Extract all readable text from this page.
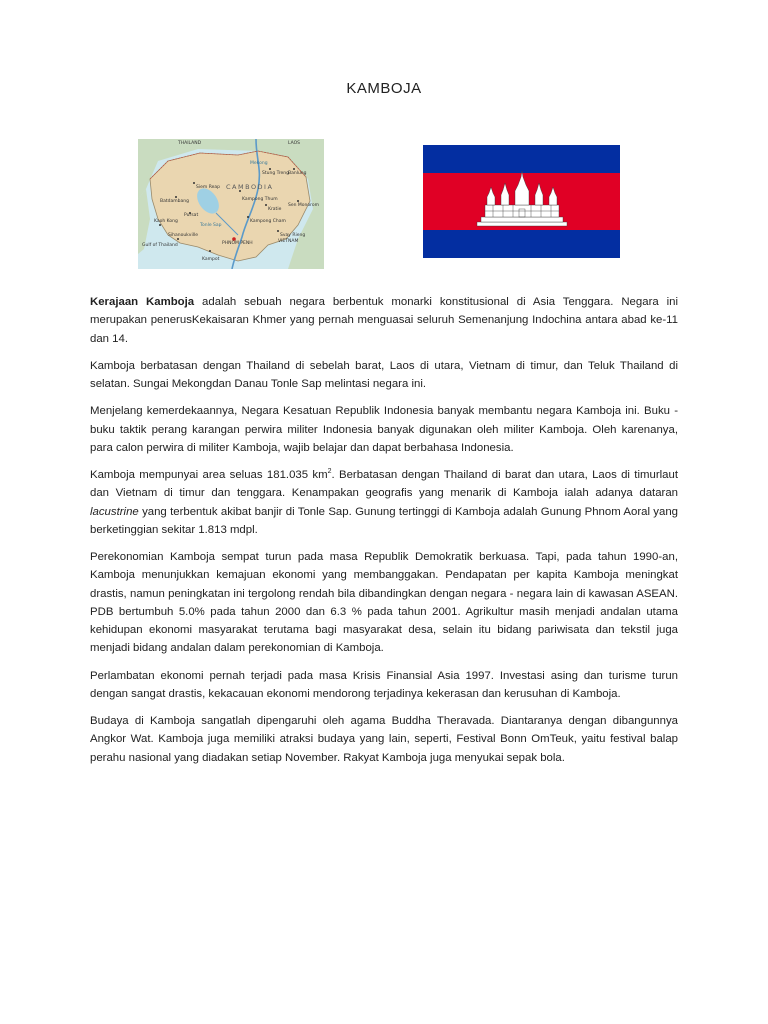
KAMBOJA
THAILAND	LAOS
CAMBODIA
VIETNAM
Gulf of Thailand	PHNOM PENH
Stung Treng
Kampong Thum
Kampong Cham
Siem Reap
Batdambang
Tonle Sap
Kratie
Svay Rieng
Kampot
Sihanoukville
Kaoh Kong
Pursat
Mekong
Sen Monorom
Banlung

Kerajaan Kamboja adalah sebuah negara berbentuk monarki konstitusional di Asia Tenggara. Negara ini merupakan penerusKekaisaran Khmer yang pernah menguasai seluruh Semenanjung Indochina antara abad ke-11 dan 14.

Kamboja berbatasan dengan Thailand di sebelah barat, Laos di utara, Vietnam di timur, dan Teluk Thailand di selatan. Sungai Mekongdan Danau Tonle Sap melintasi negara ini.

Menjelang kemerdekaannya, Negara Kesatuan Republik Indonesia banyak membantu negara Kamboja ini. Buku - buku taktik perang karangan perwira militer Indonesia banyak digunakan oleh militer Kamboja. Oleh karenanya, para calon perwira di militer Kamboja, wajib belajar dan dapat berbahasa Indonesia.

Kamboja mempunyai area seluas 181.035 $km^2$. Berbatasan dengan Thailand di barat dan utara, Laos di timurlaut dan Vietnam di timur dan tenggara. Kenampakan geografis yang menarik di Kamboja ialah adanya dataran lacustrine yang terbentuk akibat banjir di Tonle Sap. Gunung tertinggi di Kamboja adalah Gunung Phnom Aoral yang berketinggian sekitar 1.813 mdpl.

Perekonomian Kamboja sempat turun pada masa Republik Demokratik berkuasa. Tapi, pada tahun 1990-an, Kamboja menunjukkan kemajuan ekonomi yang membanggakan. Pendapatan per kapita Kamboja meningkat drastis, namun peningkatan ini tergolong rendah bila dibandingkan dengan negara - negara lain di kawasan ASEAN. PDB bertumbuh 5.0% pada tahun 2000 dan 6.3 % pada tahun 2001. Agrikultur masih menjadi andalan utama kehidupan ekonomi masyarakat terutama bagi masyarakat desa, selain itu bidang pariwisata dan tekstil juga menjadi bidang andalan dalam perekonomian di Kamboja.

Perlambatan ekonomi pernah terjadi pada masa Krisis Finansial Asia 1997. Investasi asing dan turisme turun dengan sangat drastis, kekacauan ekonomi mendorong terjadinya kekerasan dan kerusuhan di Kamboja.

Budaya di Kamboja sangatlah dipengaruhi oleh agama Buddha Theravada. Diantaranya dengan dibangunnya Angkor Wat. Kamboja juga memiliki atraksi budaya yang lain, seperti, Festival Bonn OmTeuk, yaitu festival balap perahu nasional yang diadakan setiap November. Rakyat Kamboja juga menyukai sepak bola.
